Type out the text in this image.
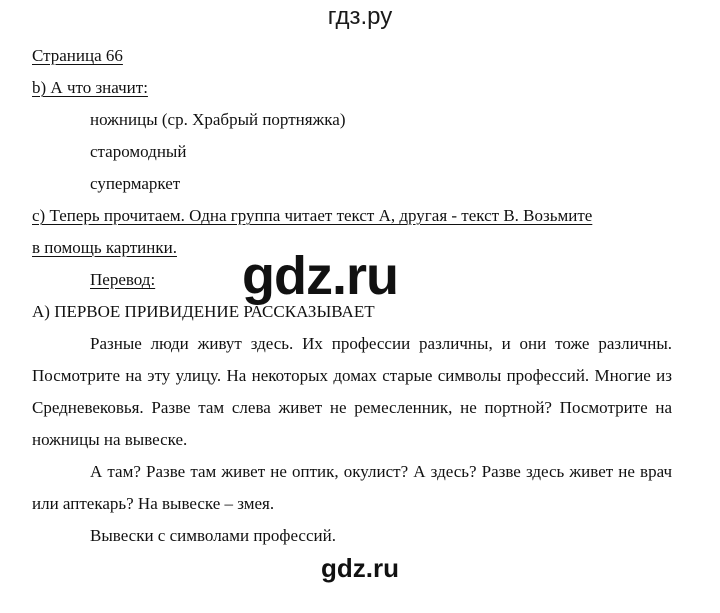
гдз.ру
Страница 66
b) А что значит:
ножницы (ср. Храбрый портняжка)
старомодный
супермаркет
c) Теперь прочитаем. Одна группа читает текст А, другая - текст В. Возьмите
в помощь картинки.
Перевод:
А) ПЕРВОЕ ПРИВИДЕНИЕ РАССКАЗЫВАЕТ

Разные люди живут здесь. Их профессии различны, и они тоже различны. Посмотрите на эту улицу. На некоторых домах старые символы профессий. Многие из Средневековья. Разве там слева живет не ремесленник, не портной? Посмотрите на ножницы на вывеске.

А там? Разве там живет не оптик, окулист? А здесь? Разве здесь живет не врач или аптекарь? На вывеске – змея.

Вывески с символами профессий.

gdz.ru
gdz.ru
